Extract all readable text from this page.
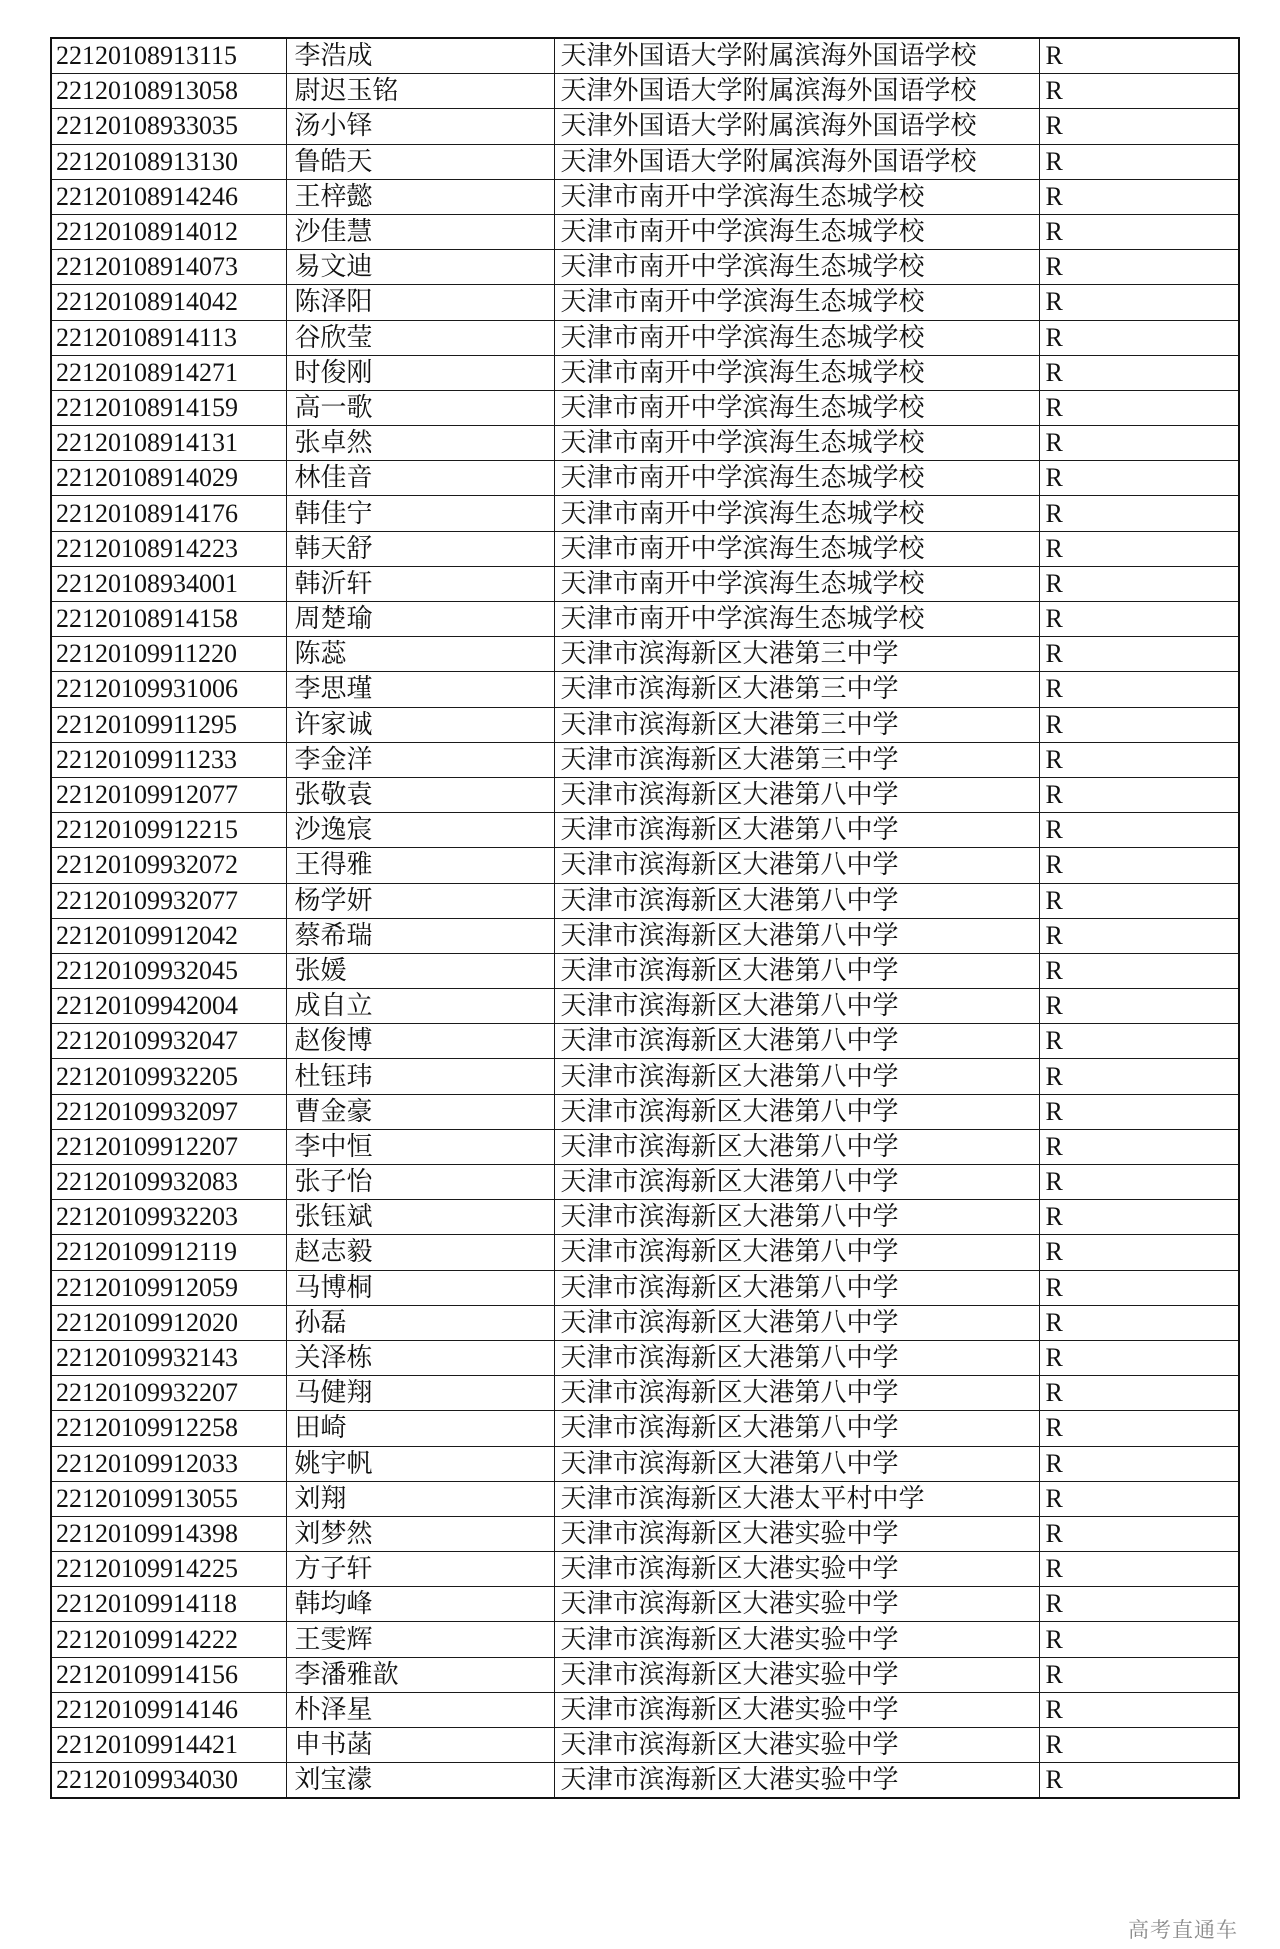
22120108913115	李浩成	天津外国语大学附属滨海外国语学校	R
22120108913058	尉迟玉铭	天津外国语大学附属滨海外国语学校	R
22120108933035	汤小铎	天津外国语大学附属滨海外国语学校	R
22120108913130	鲁皓天	天津外国语大学附属滨海外国语学校	R
22120108914246	王梓懿	天津市南开中学滨海生态城学校	R
22120108914012	沙佳慧	天津市南开中学滨海生态城学校	R
22120108914073	易文迪	天津市南开中学滨海生态城学校	R
22120108914042	陈泽阳	天津市南开中学滨海生态城学校	R
22120108914113	谷欣莹	天津市南开中学滨海生态城学校	R
22120108914271	时俊刚	天津市南开中学滨海生态城学校	R
22120108914159	高一歌	天津市南开中学滨海生态城学校	R
22120108914131	张卓然	天津市南开中学滨海生态城学校	R
22120108914029	林佳音	天津市南开中学滨海生态城学校	R
22120108914176	韩佳宁	天津市南开中学滨海生态城学校	R
22120108914223	韩天舒	天津市南开中学滨海生态城学校	R
22120108934001	韩沂轩	天津市南开中学滨海生态城学校	R
22120108914158	周楚瑜	天津市南开中学滨海生态城学校	R
22120109911220	陈蕊	天津市滨海新区大港第三中学	R
22120109931006	李思瑾	天津市滨海新区大港第三中学	R
22120109911295	许家诚	天津市滨海新区大港第三中学	R
22120109911233	李金洋	天津市滨海新区大港第三中学	R
22120109912077	张敬袁	天津市滨海新区大港第八中学	R
22120109912215	沙逸宸	天津市滨海新区大港第八中学	R
22120109932072	王得雅	天津市滨海新区大港第八中学	R
22120109932077	杨学妍	天津市滨海新区大港第八中学	R
22120109912042	蔡希瑞	天津市滨海新区大港第八中学	R
22120109932045	张媛	天津市滨海新区大港第八中学	R
22120109942004	成自立	天津市滨海新区大港第八中学	R
22120109932047	赵俊博	天津市滨海新区大港第八中学	R
22120109932205	杜钰玮	天津市滨海新区大港第八中学	R
22120109932097	曹金豪	天津市滨海新区大港第八中学	R
22120109912207	李中恒	天津市滨海新区大港第八中学	R
22120109932083	张子怡	天津市滨海新区大港第八中学	R
22120109932203	张钰斌	天津市滨海新区大港第八中学	R
22120109912119	赵志毅	天津市滨海新区大港第八中学	R
22120109912059	马博桐	天津市滨海新区大港第八中学	R
22120109912020	孙磊	天津市滨海新区大港第八中学	R
22120109932143	关泽栋	天津市滨海新区大港第八中学	R
22120109932207	马健翔	天津市滨海新区大港第八中学	R
22120109912258	田崎	天津市滨海新区大港第八中学	R
22120109912033	姚宇帆	天津市滨海新区大港第八中学	R
22120109913055	刘翔	天津市滨海新区大港太平村中学	R
22120109914398	刘梦然	天津市滨海新区大港实验中学	R
22120109914225	方子轩	天津市滨海新区大港实验中学	R
22120109914118	韩均峰	天津市滨海新区大港实验中学	R
22120109914222	王雯辉	天津市滨海新区大港实验中学	R
22120109914156	李潘雅歆	天津市滨海新区大港实验中学	R
22120109914146	朴泽星	天津市滨海新区大港实验中学	R
22120109914421	申书菡	天津市滨海新区大港实验中学	R
22120109934030	刘宝濛	天津市滨海新区大港实验中学	R
高考直通车
